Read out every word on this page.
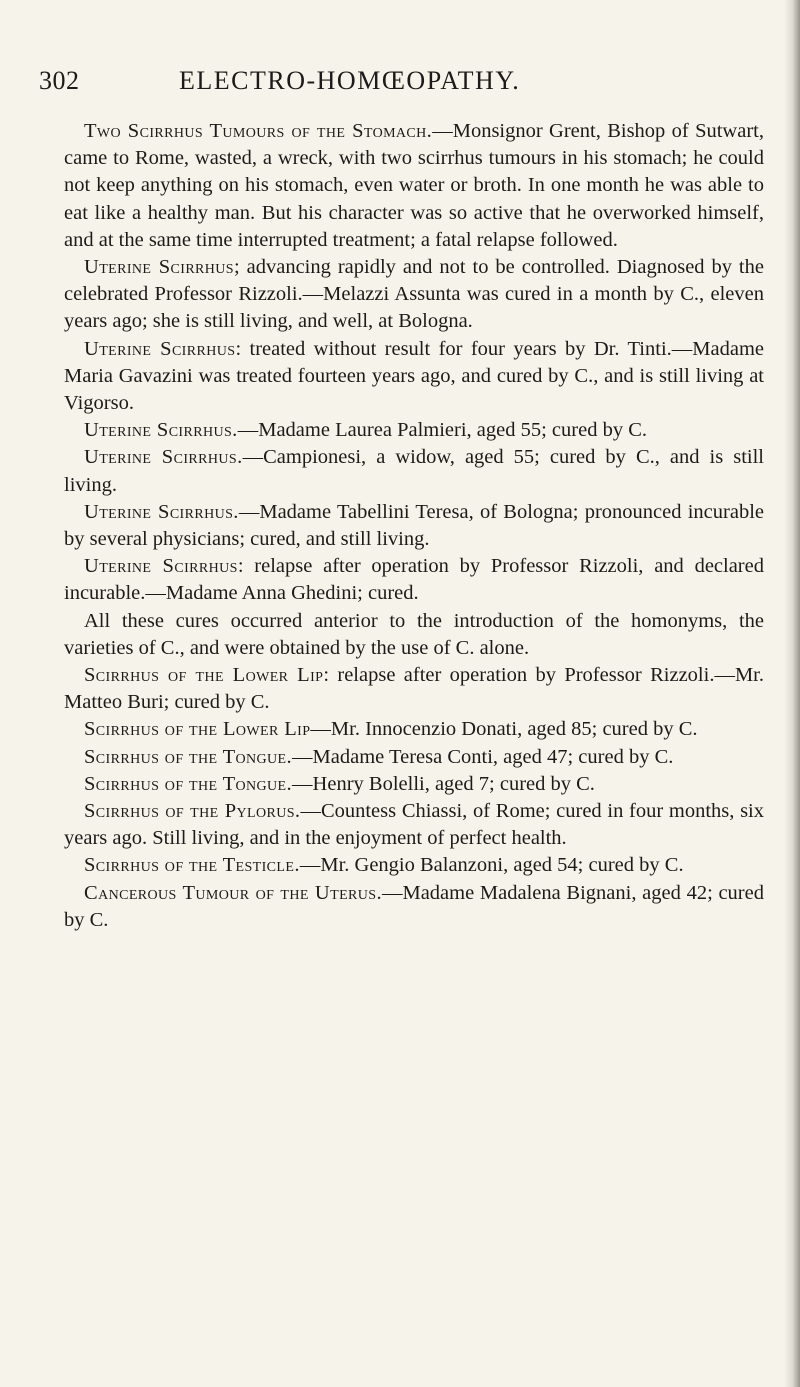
302	ELECTRO-HOMŒOPATHY.

Two Scirrhus Tumours of the Stomach.—Monsignor Grent, Bishop of Sutwart, came to Rome, wasted, a wreck, with two scirrhus tumours in his stomach; he could not keep anything on his stomach, even water or broth. In one month he was able to eat like a healthy man. But his character was so active that he overworked himself, and at the same time interrupted treatment; a fatal relapse followed.

Uterine Scirrhus; advancing rapidly and not to be controlled. Diagnosed by the celebrated Professor Rizzoli.—Melazzi Assunta was cured in a month by C., eleven years ago; she is still living, and well, at Bologna.

Uterine Scirrhus: treated without result for four years by Dr. Tinti.—Madame Maria Gavazini was treated fourteen years ago, and cured by C., and is still living at Vigorso.

Uterine Scirrhus.—Madame Laurea Palmieri, aged 55; cured by C.

Uterine Scirrhus.—Campionesi, a widow, aged 55; cured by C., and is still living.

Uterine Scirrhus.—Madame Tabellini Teresa, of Bologna; pronounced incurable by several physicians; cured, and still living.

Uterine Scirrhus: relapse after operation by Professor Rizzoli, and declared incurable.—Madame Anna Ghedini; cured.

All these cures occurred anterior to the introduction of the homonyms, the varieties of C., and were obtained by the use of C. alone.

Scirrhus of the Lower Lip: relapse after operation by Professor Rizzoli.—Mr. Matteo Buri; cured by C.

Scirrhus of the Lower Lip—Mr. Innocenzio Donati, aged 85; cured by C.

Scirrhus of the Tongue.—Madame Teresa Conti, aged 47; cured by C.

Scirrhus of the Tongue.—Henry Bolelli, aged 7; cured by C.

Scirrhus of the Pylorus.—Countess Chiassi, of Rome; cured in four months, six years ago. Still living, and in the enjoyment of perfect health.

Scirrhus of the Testicle.—Mr. Gengio Balanzoni, aged 54; cured by C.

Cancerous Tumour of the Uterus.—Madame Madalena Bignani, aged 42; cured by C.
